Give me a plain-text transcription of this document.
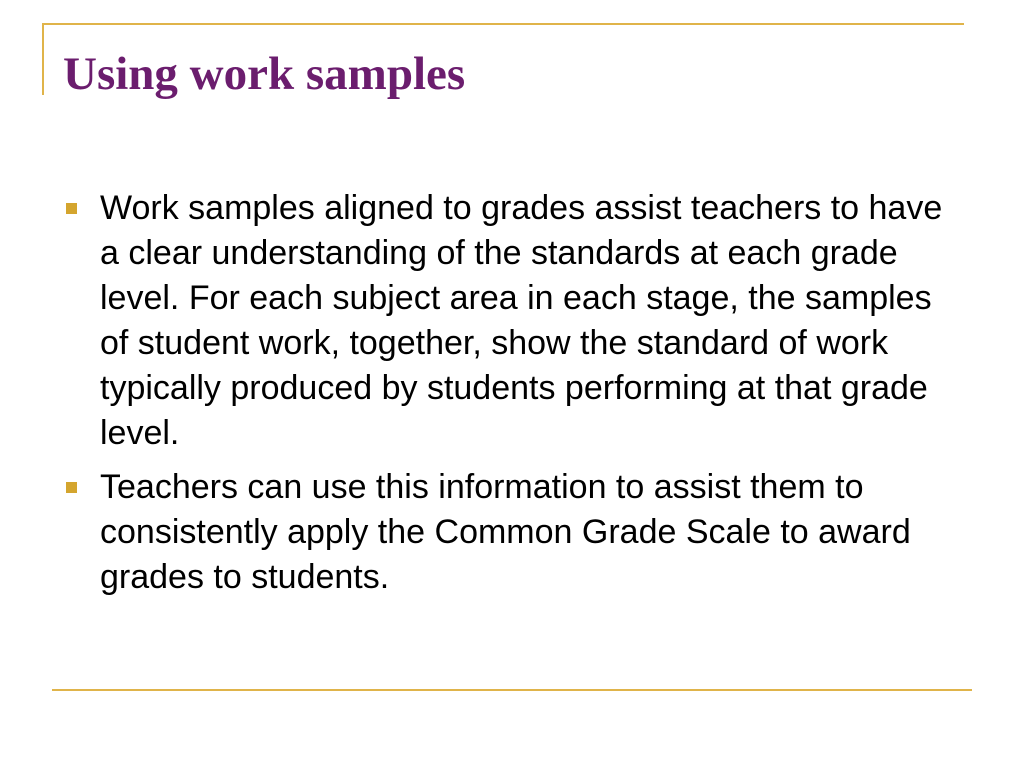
Using work samples
Work samples aligned to grades assist teachers to have a clear understanding of the standards at each grade level. For each subject area in each stage, the samples of student work, together, show the standard of work typically produced by students performing at that grade level.
Teachers can use this information to assist them to consistently apply the Common Grade Scale to award grades to students.
